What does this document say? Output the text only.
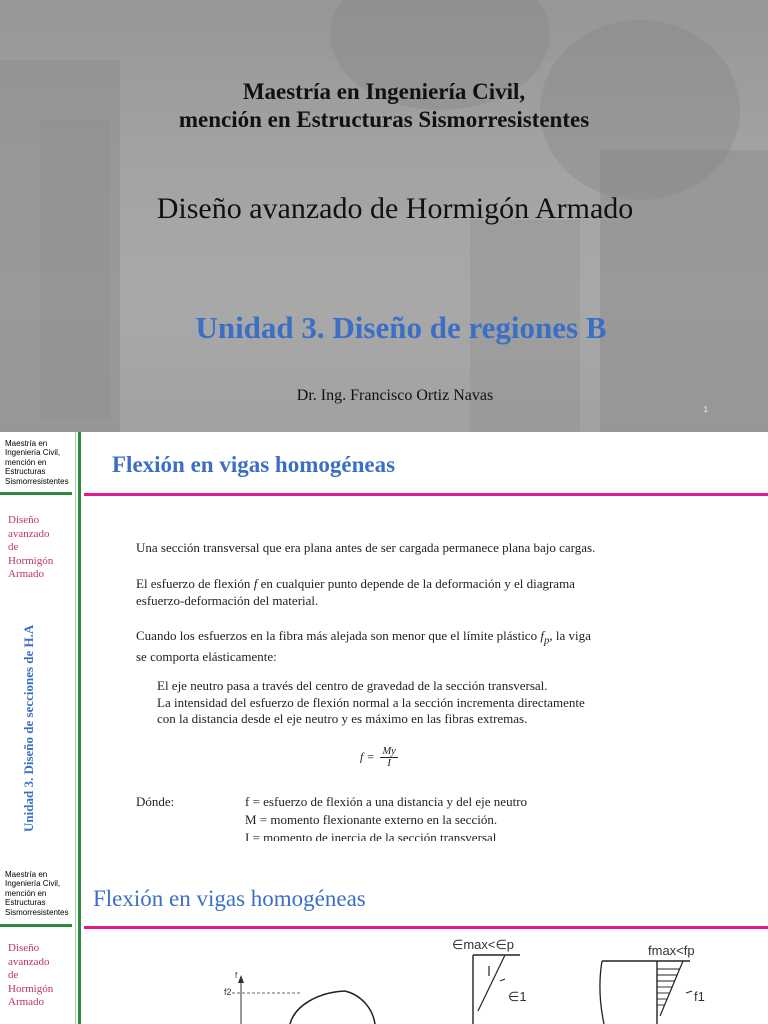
Maestría en Ingeniería Civil,
mención en Estructuras Sismorresistentes
Diseño avanzado de Hormigón Armado
Unidad 3. Diseño de regiones B
Dr. Ing. Francisco Ortiz Navas
1
Maestría en
Ingeniería Civil,
mención en
Estructuras
Sismorresistentes
Diseño
avanzado
de
Hormigón
Armado
Unidad 3. Diseño de secciones de H.A
Flexión en vigas homogéneas
Una sección transversal que era plana antes de ser cargada permanece plana bajo cargas.
El esfuerzo de flexión f en cualquier punto depende de la deformación y el diagrama
esfuerzo-deformación del material.
Cuando los esfuerzos en la fibra más alejada son menor que el límite plástico $f_p$, la viga
se comporta elásticamente:
El eje neutro pasa a través del centro de gravedad de la sección transversal.
La intensidad del esfuerzo de flexión normal a la sección incrementa directamente
con la distancia desde el eje neutro y es máximo en las fibras extremas.
$f = \frac{My}{I}$
Dónde:	f = esfuerzo de flexión a una distancia y del eje neutro
M = momento flexionante externo en la sección.
I = momento de inercia de la sección transversal
Maestría en
Ingeniería Civil,
mención en
Estructuras
Sismorresistentes
Diseño
avanzado
de
Hormigón
Armado
Flexión en vigas homogéneas
∈max<∈p
∈1
fmax<fp
f1
f
f2
